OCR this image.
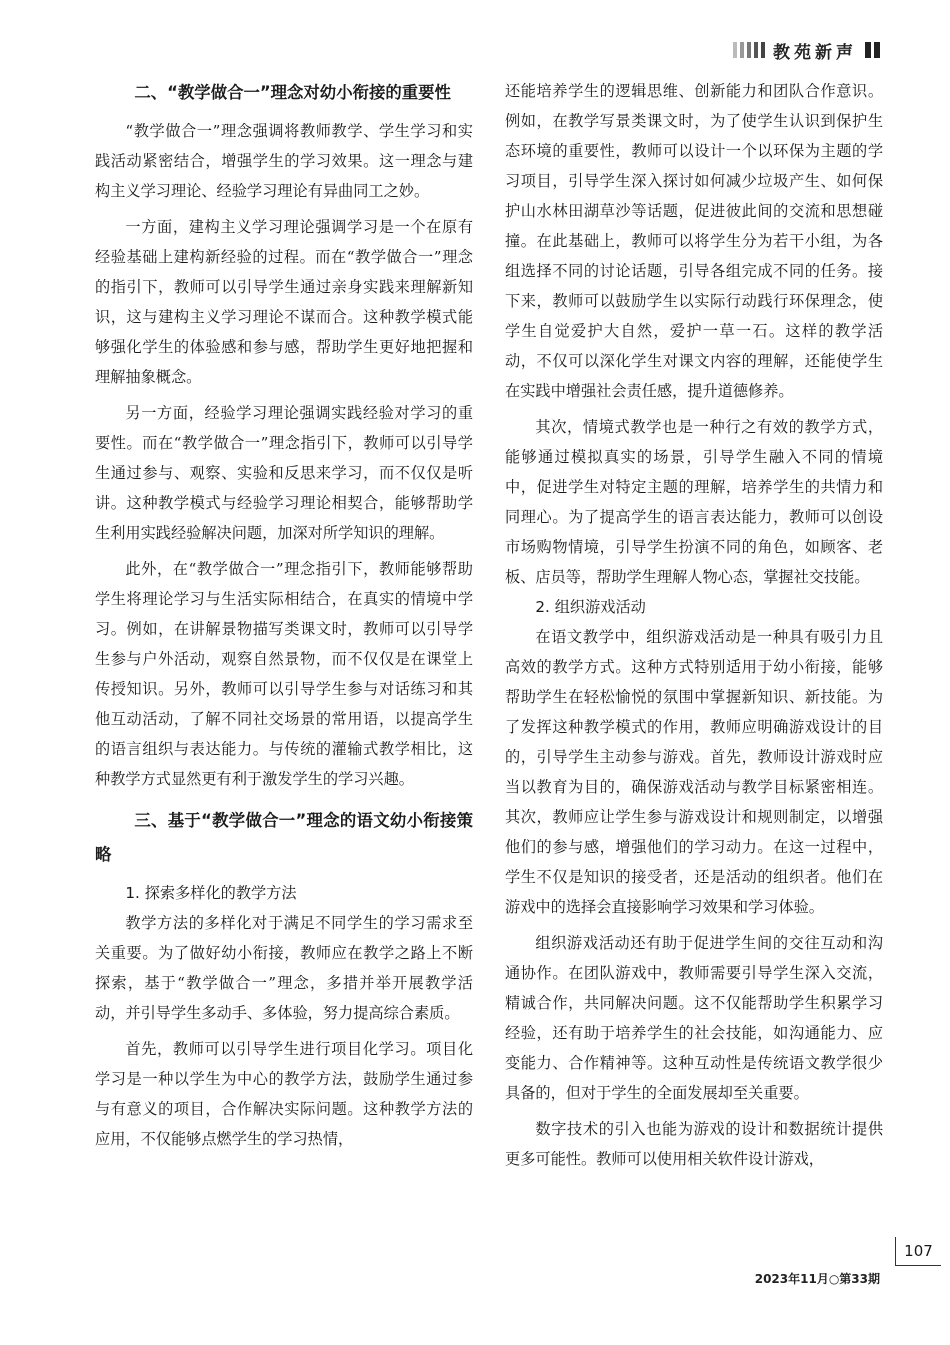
教苑新声
二、“教学做合一”理念对幼小衔接的重要性

“教学做合一”理念强调将教师教学、学生学习和实践活动紧密结合，增强学生的学习效果。这一理念与建构主义学习理论、经验学习理论有异曲同工之妙。

一方面，建构主义学习理论强调学习是一个在原有经验基础上建构新经验的过程。而在“教学做合一”理念的指引下，教师可以引导学生通过亲身实践来理解新知识，这与建构主义学习理论不谋而合。这种教学模式能够强化学生的体验感和参与感，帮助学生更好地把握和理解抽象概念。

另一方面，经验学习理论强调实践经验对学习的重要性。而在“教学做合一”理念指引下，教师可以引导学生通过参与、观察、实验和反思来学习，而不仅仅是听讲。这种教学模式与经验学习理论相契合，能够帮助学生利用实践经验解决问题，加深对所学知识的理解。

此外，在“教学做合一”理念指引下，教师能够帮助学生将理论学习与生活实际相结合，在真实的情境中学习。例如，在讲解景物描写类课文时，教师可以引导学生参与户外活动，观察自然景物，而不仅仅是在课堂上传授知识。另外，教师可以引导学生参与对话练习和其他互动活动，了解不同社交场景的常用语，以提高学生的语言组织与表达能力。与传统的灌输式教学相比，这种教学方式显然更有利于激发学生的学习兴趣。

三、基于“教学做合一”理念的语文幼小衔接策略
1. 探索多样化的教学方法

教学方法的多样化对于满足不同学生的学习需求至关重要。为了做好幼小衔接，教师应在教学之路上不断探索，基于“教学做合一”理念，多措并举开展教学活动，并引导学生多动手、多体验，努力提高综合素质。

首先，教师可以引导学生进行项目化学习。项目化学习是一种以学生为中心的教学方法，鼓励学生通过参与有意义的项目，合作解决实际问题。这种教学方法的应用，不仅能够点燃学生的学习热情，

还能培养学生的逻辑思维、创新能力和团队合作意识。例如，在教学写景类课文时，为了使学生认识到保护生态环境的重要性，教师可以设计一个以环保为主题的学习项目，引导学生深入探讨如何减少垃圾产生、如何保护山水林田湖草沙等话题，促进彼此间的交流和思想碰撞。在此基础上，教师可以将学生分为若干小组，为各组选择不同的讨论话题，引导各组完成不同的任务。接下来，教师可以鼓励学生以实际行动践行环保理念，使学生自觉爱护大自然，爱护一草一石。这样的教学活动，不仅可以深化学生对课文内容的理解，还能使学生在实践中增强社会责任感，提升道德修养。

其次，情境式教学也是一种行之有效的教学方式，能够通过模拟真实的场景，引导学生融入不同的情境中，促进学生对特定主题的理解，培养学生的共情力和同理心。为了提高学生的语言表达能力，教师可以创设市场购物情境，引导学生扮演不同的角色，如顾客、老板、店员等，帮助学生理解人物心态，掌握社交技能。

2. 组织游戏活动

在语文教学中，组织游戏活动是一种具有吸引力且高效的教学方式。这种方式特别适用于幼小衔接，能够帮助学生在轻松愉悦的氛围中掌握新知识、新技能。为了发挥这种教学模式的作用，教师应明确游戏设计的目的，引导学生主动参与游戏。首先，教师设计游戏时应当以教育为目的，确保游戏活动与教学目标紧密相连。其次，教师应让学生参与游戏设计和规则制定，以增强他们的参与感，增强他们的学习动力。在这一过程中，学生不仅是知识的接受者，还是活动的组织者。他们在游戏中的选择会直接影响学习效果和学习体验。

组织游戏活动还有助于促进学生间的交往互动和沟通协作。在团队游戏中，教师需要引导学生深入交流，精诚合作，共同解决问题。这不仅能帮助学生积累学习经验，还有助于培养学生的社会技能，如沟通能力、应变能力、合作精神等。这种互动性是传统语文教学很少具备的，但对于学生的全面发展却至关重要。

数字技术的引入也能为游戏的设计和数据统计提供更多可能性。教师可以使用相关软件设计游戏，

107
2023年11月○第33期
